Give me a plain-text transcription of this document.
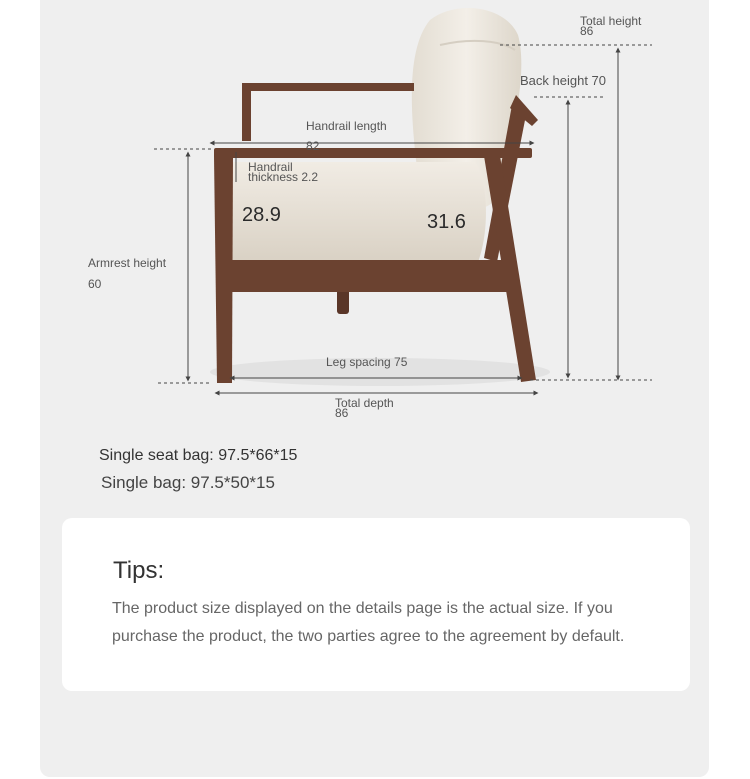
Total height
86
Back height 70
Handrail length
82
Handrail
thickness 2.2
28.9	31.6
Armrest height
60
Leg spacing 75
Total depth
86
Single seat bag: 97.5*66*15
Single bag: 97.5*50*15
Tips:
The product size displayed on the details page is the actual size. If you purchase the product, the two parties agree to the agreement by default.
